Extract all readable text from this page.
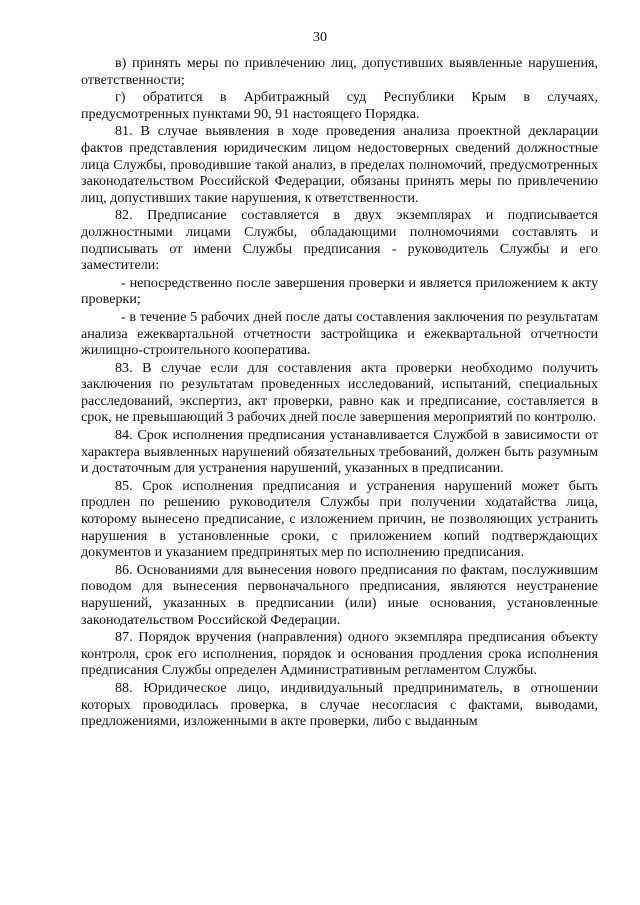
30

в) принять меры по привлечению лиц, допустивших выявленные нарушения, ответственности;

г) обратится в Арбитражный суд Республики Крым в случаях, предусмотренных пунктами 90, 91 настоящего Порядка.

81. В случае выявления в ходе проведения анализа проектной декларации фактов представления юридическим лицом недостоверных сведений должностные лица Службы, проводившие такой анализ, в пределах полномочий, предусмотренных законодательством Российской Федерации, обязаны принять меры по привлечению лиц, допустивших такие нарушения, к ответственности.

82. Предписание составляется в двух экземплярах и подписывается должностными лицами Службы, обладающими полномочиями составлять и подписывать от имени Службы предписания - руководитель Службы и его заместители:

- непосредственно после завершения проверки и является приложением к акту проверки;

- в течение 5 рабочих дней после даты составления заключения по результатам анализа ежеквартальной отчетности застройщика и ежеквартальной отчетности жилищно-строительного кооператива.

83. В случае если для составления акта проверки необходимо получить заключения по результатам проведенных исследований, испытаний, специальных расследований, экспертиз, акт проверки, равно как и предписание, составляется в срок, не превышающий 3 рабочих дней после завершения мероприятий по контролю.

84. Срок исполнения предписания устанавливается Службой в зависимости от характера выявленных нарушений обязательных требований, должен быть разумным и достаточным для устранения нарушений, указанных в предписании.

85. Срок исполнения предписания и устранения нарушений может быть продлен по решению руководителя Службы при получении ходатайства лица, которому вынесено предписание, с изложением причин, не позволяющих устранить нарушения в установленные сроки, с приложением копий подтверждающих документов и указанием предпринятых мер по исполнению предписания.

86. Основаниями для вынесения нового предписания по фактам, послужившим поводом для вынесения первоначального предписания, являются неустранение нарушений, указанных в предписании (или) иные основания, установленные законодательством Российской Федерации.

87. Порядок вручения (направления) одного экземпляра предписания объекту контроля, срок его исполнения, порядок и основания продления срока исполнения предписания Службы определен Административным регламентом Службы.

88. Юридическое лицо, индивидуальный предприниматель, в отношении которых проводилась проверка, в случае несогласия с фактами, выводами, предложениями, изложенными в акте проверки, либо с выданным
